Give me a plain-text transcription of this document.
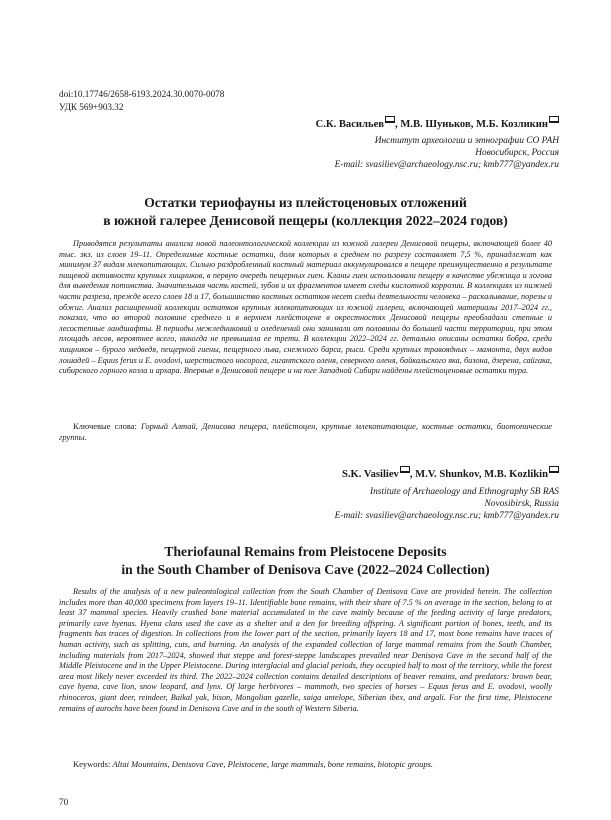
doi:10.17746/2658-6193.2024.30.0070-0078
УДК 569+903.32
С.К. Васильев , М.В. Шуньков, М.Б. Козликин
Институт археологии и этнографии СО РАН
Новосибирск, Россия
E-mail: svasiliev@archaeology.nsc.ru; kmb777@yandex.ru
Остатки териофауны из плейстоценовых отложений
в южной галерее Денисовой пещеры (коллекция 2022–2024 годов)

Приводятся результаты анализа новой палеонтологической коллекции из южной галереи Денисовой пещеры, включающей более 40 тыс. экз. из слоев 19–11. Определимые костные остатки, доля которых в среднем по разрезу составляет 7,5 %, принадлежат как минимум 37 видам млекопитающих. Сильно раздробленный костный материал аккумулировался в пещере преимущественно в результате пищевой активности крупных хищников, в первую очередь пещерных гиен. Кланы гиен использовали пещеру в качестве убежища и логова для выведения потомства. Значительная часть костей, зубов и их фрагментов имеет следы кислотной коррозии. В коллекциях из нижней части разреза, прежде всего слоев 18 и 17, большинство костных остатков несет следы деятельности человека – раскалывание, порезы и обжиг. Анализ расширенной коллекции остатков крупных млекопитающих из южной галереи, включающей материалы 2017–2024 гг., показал, что во второй половине среднего и в верхнем плейстоцене в окрестностях Денисовой пещеры преобладали степные и лесостепные ландшафты. В периоды межледниковий и оледенений они занимали от половины до большей части территории, при этом площадь лесов, вероятнее всего, никогда не превышала ее трети. В коллекции 2022–2024 гг. детально описаны остатки бобра, среди хищников – бурого медведя, пещерной гиены, пещерного льва, снежного барса, рыси. Среди крупных травоядных – мамонта, двух видов лошадей – Equus ferus и E. ovodovi, шерстистого носорога, гигантского оленя, северного оленя, байкальского яка, бизона, дзерена, сайгака, сибирского горного козла и архара. Впервые в Денисовой пещере и на юге Западной Сибири найдены плейстоценовые остатки тура.

Ключевые слова: Горный Алтай, Денисова пещера, плейстоцен, крупные млекопитающие, костные остатки, биотопические группы.

S.K. Vasiliev , M.V. Shunkov, M.B. Kozlikin
Institute of Archaeology and Ethnography SB RAS
Novosibirsk, Russia
E-mail: svasiliev@archaeology.nsc.ru; kmb777@yandex.ru
Theriofaunal Remains from Pleistocene Deposits
in the South Chamber of Denisova Cave (2022–2024 Collection)

Results of the analysis of a new paleontological collection from the South Chamber of Denisova Cave are provided herein. The collection includes more than 40,000 specimens from layers 19–11. Identifiable bone remains, with their share of 7.5 % on average in the section, belong to at least 37 mammal species. Heavily crushed bone material accumulated in the cave mainly because of the feeding activity of large predators, primarily cave hyenas. Hyena clans used the cave as a shelter and a den for breeding offspring. A significant portion of bones, teeth, and its fragments has traces of digestion. In collections from the lower part of the section, primarily layers 18 and 17, most bone remains have traces of human activity, such as splitting, cuts, and burning. An analysis of the expanded collection of large mammal remains from the South Chamber, including materials from 2017–2024, showed that steppe and forest-steppe landscapes prevailed near Denisova Cave in the second half of the Middle Pleistocene and in the Upper Pleistocene. During interglacial and glacial periods, they occupied half to most of the territory, while the forest area most likely never exceeded its third. The 2022–2024 collection contains detailed descriptions of beaver remains, and predators: brown bear, cave hyena, cave lion, snow leopard, and lynx. Of large herbivores – mammoth, two species of horses – Equus ferus and E. ovodovi, woolly rhinoceros, giant deer, reindeer, Baikal yak, bison, Mongolian gazelle, saiga antelope, Siberian ibex, and argali. For the first time, Pleistocene remains of aurochs have been found in Denisova Cave and in the south of Western Siberia.

Keywords: Altai Mountains, Denisova Cave, Pleistocene, large mammals, bone remains, biotopic groups.

70
